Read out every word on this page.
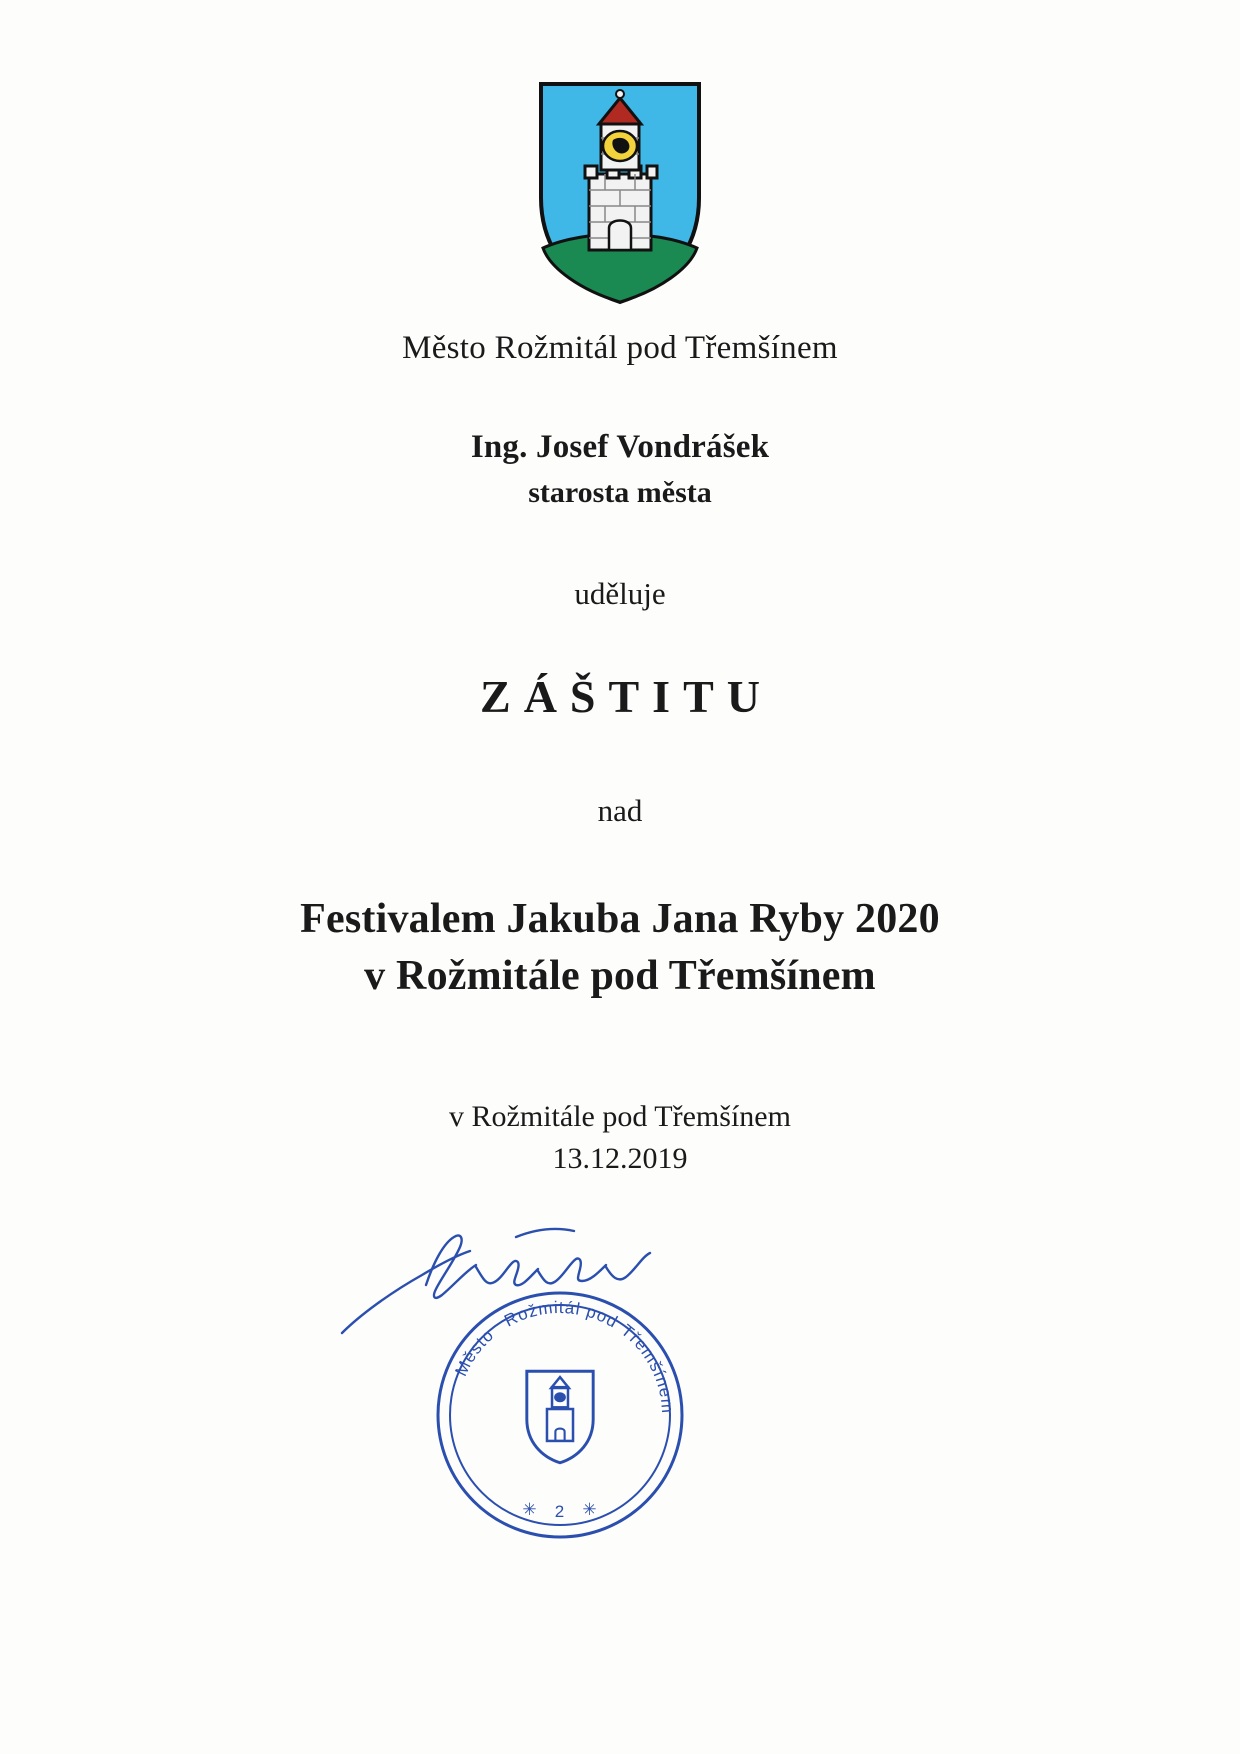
Město Rožmitál pod Třemšínem

Ing. Josef Vondrášek

starosta města

uděluje

ZÁŠTITU

nad

Festivalem Jakuba Jana Ryby 2020
v Rožmitále pod Třemšínem

v Rožmitále pod Třemšínem

13.12.2019

Město
Rožmitál pod
Třemšínem
2
✳	✳
